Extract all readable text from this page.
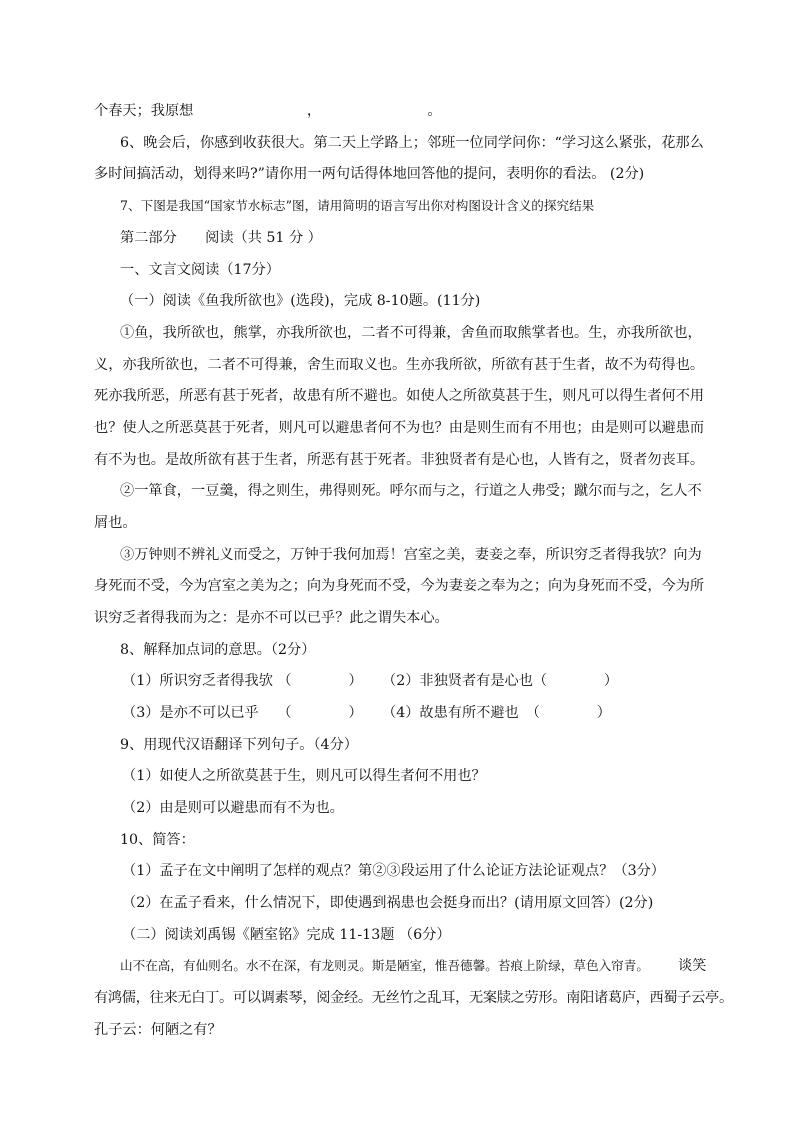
个春天；我原想　　　　　　　　，　　　　　　　　。
6、晚会后，你感到收获很大。第二天上学路上；邻班一位同学问你：“学习这么紧张，花那么
多时间搞活动，划得来吗?”请你用一两句话得体地回答他的提问，表明你的看法。 (2分)
7、下图是我国“国家节水标志”图，请用简明的语言写出你对构图设计含义的探究结果
第二部分　　阅读（共 51 分 ）
一、文言文阅读（17分）
（一）阅读《鱼我所欲也》(选段)，完成 8-10题。(11分)
①鱼，我所欲也，熊掌，亦我所欲也，二者不可得兼，舍鱼而取熊掌者也。生，亦我所欲也，
义，亦我所欲也，二者不可得兼，舍生而取义也。生亦我所欲，所欲有甚于生者，故不为苟得也。
死亦我所恶，所恶有甚于死者，故患有所不避也。如使人之所欲莫甚于生，则凡可以得生者何不用
也？使人之所恶莫甚于死者，则凡可以避患者何不为也？由是则生而有不用也；由是则可以避患而
有不为也。是故所欲有甚于生者，所恶有甚于死者。非独贤者有是心也，人皆有之，贤者勿丧耳。
②一箪食，一豆羹，得之则生，弗得则死。呼尔而与之，行道之人弗受；蹴尔而与之，乞人不
屑也。
③万钟则不辨礼义而受之，万钟于我何加焉！宫室之美，妻妾之奉，所识穷乏者得我欤？向为
身死而不受，今为宫室之美为之；向为身死而不受，今为妻妾之奉为之；向为身死而不受，今为所
识穷乏者得我而为之：是亦不可以已乎？此之谓失本心。
8、解释加点词的意思。（2分）
（1）所识穷乏者得我欤 （　　　　） （2）非独贤者有是心也（　　　　）
（3）是亦不可以已乎　 （　　　　） （4）故患有所不避也　（　　　　）
9、用现代汉语翻译下列句子。（4分）
（1）如使人之所欲莫甚于生，则凡可以得生者何不用也？
（2）由是则可以避患而有不为也。
10、简答：
（1）孟子在文中阐明了怎样的观点？第②③段运用了什么论证方法论证观点？（3分）
（2）在孟子看来，什么情况下，即使遇到祸患也会挺身而出？(请用原文回答）(2分)
（二）阅读刘禹锡《陋室铭》完成 11-13题 （6分）
山不在高，有仙则名。水不在深，有龙则灵。斯是陋室，惟吾德馨。苔痕上阶绿，草色入帘青。 谈笑
有鸿儒，往来无白丁。可以调素琴，阅金经。无丝竹之乱耳，无案牍之劳形。南阳诸葛庐，西蜀子云亭。
孔子云：何陋之有？
